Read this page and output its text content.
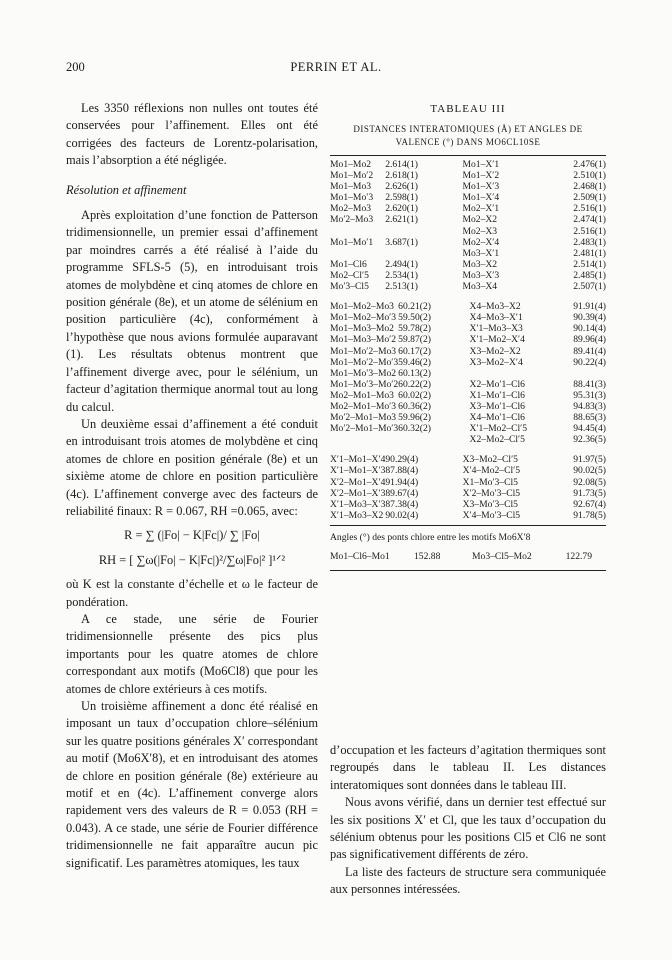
200	PERRIN ET AL.

Les 3350 réflexions non nulles ont toutes été conservées pour l’affinement. Elles ont été corrigées des facteurs de Lorentz-polarisation, mais l’absorption a été négligée.

Résolution et affinement

Après exploitation d’une fonction de Patterson tridimensionnelle, un premier essai d’affinement par moindres carrés a été réalisé à l’aide du programme SFLS-5 (5), en introduisant trois atomes de molybdène et cinq atomes de chlore en position générale (8e), et un atome de sélénium en position particulière (4c), conformément à l’hypothèse que nous avions formulée auparavant (1). Les résultats obtenus montrent que l’affinement diverge avec, pour le sélénium, un facteur d’agitation thermique anormal tout au long du calcul.

Un deuxième essai d’affinement a été conduit en introduisant trois atomes de molybdène et cinq atomes de chlore en position générale (8e) et un sixième atome de chlore en position particulière (4c). L’affinement converge avec des facteurs de reliabilité finaux: R = 0.067, RH =0.065, avec:

R = ∑ (|Fo| − K|Fc|)/ ∑ |Fo|
RH = [ ∑ω(|Fo| − K|Fc|)²/∑ω|Fo|² ]¹ᐟ²

où K est la constante d’échelle et ω le facteur de pondération.

A ce stade, une série de Fourier tridimensionnelle présente des pics plus importants pour les quatre atomes de chlore correspondant aux motifs (Mo6Cl8) que pour les atomes de chlore extérieurs à ces motifs.

Un troisième affinement a donc été réalisé en imposant un taux d’occupation chlore–sélénium sur les quatre positions générales X′ correspondant au motif (Mo6X′8), et en introduisant des atomes de chlore en position générale (8e) extérieure au motif et en (4c). L’affinement converge alors rapidement vers des valeurs de R = 0.053 (RH = 0.043). A ce stade, une série de Fourier différence tridimensionnelle ne fait apparaître aucun pic significatif. Les paramètres atomiques, les taux

TABLEAU III
DISTANCES INTERATOMIQUES (Å) ET ANGLES DE
VALENCE (°) DANS MO6CL10SE
Mo1–Mo2	2.614(1)	Mo1–X′1	2.476(1)
Mo1–Mo′2	2.618(1)	Mo1–X′2	2.510(1)
Mo1–Mo3	2.626(1)	Mo1–X′3	2.468(1)
Mo1–Mo′3	2.598(1)	Mo1–X′4	2.509(1)
Mo2–Mo3	2.620(1)	Mo2–X′1	2.516(1)
Mo′2–Mo3	2.621(1)	Mo2–X2	2.474(1)
		Mo2–X3	2.516(1)
Mo1–Mo′1	3.687(1)	Mo2–X′4	2.483(1)
		Mo3–X′1	2.481(1)
Mo1–Cl6	2.494(1)	Mo3–X2	2.514(1)
Mo2–Cl′5	2.534(1)	Mo3–X′3	2.485(1)
Mo′3–Cl5	2.513(1)	Mo3–X4	2.507(1)
Mo1–Mo2–Mo3	60.21(2)	X4–Mo3–X2	91.91(4)
Mo1–Mo2–Mo′3	59.50(2)	X4–Mo3–X′1	90.39(4)
Mo1–Mo3–Mo2	59.78(2)	X′1–Mo3–X3	90.14(4)
Mo1–Mo3–Mo′2	59.87(2)	X′1–Mo2–X′4	89.96(4)
Mo1–Mo′2–Mo3	60.17(2)	X3–Mo2–X2	89.41(4)
Mo1–Mo′2–Mo′3	59.46(2)	X3–Mo2–X′4	90.22(4)
Mo1–Mo′3–Mo2	60.13(2)		
Mo1–Mo′3–Mo′2	60.22(2)	X2–Mo′1–Cl6	88.41(3)
Mo2–Mo1–Mo3	60.02(2)	X1–Mo′1–Cl6	95.31(3)
Mo2–Mo1–Mo′3	60.36(2)	X3–Mo′1–Cl6	94.83(3)
Mo′2–Mo1–Mo3	59.96(2)	X4–Mo′1–Cl6	88.65(3)
Mo′2–Mo1–Mo′3	60.32(2)	X′1–Mo2–Cl′5	94.45(4)
		X2–Mo2–Cl′5	92.36(5)
X′1–Mo1–X′4	90.29(4)	X3–Mo2–Cl′5	91.97(5)
X′1–Mo1–X′3	87.88(4)	X′4–Mo2–Cl′5	90.02(5)
X′2–Mo1–X′4	91.94(4)	X1–Mo′3–Cl5	92.08(5)
X′2–Mo1–X′3	89.67(4)	X′2–Mo′3–Cl5	91.73(5)
X′1–Mo3–X′3	87.38(4)	X3–Mo′3–Cl5	92.67(4)
X′1–Mo3–X2	90.02(4)	X′4–Mo′3–Cl5	91.78(5)
Angles (°) des ponts chlore entre les motifs Mo6X′8
Mo1–Cl6–Mo1	152.88	Mo3–Cl5–Mo2	122.79

d’occupation et les facteurs d’agitation thermiques sont regroupés dans le tableau II. Les distances interatomiques sont données dans le tableau III.

Nous avons vérifié, dans un dernier test effectué sur les six positions X′ et Cl, que les taux d’occupation du sélénium obtenus pour les positions Cl5 et Cl6 ne sont pas significativement différents de zéro.

La liste des facteurs de structure sera communiquée aux personnes intéressées.
